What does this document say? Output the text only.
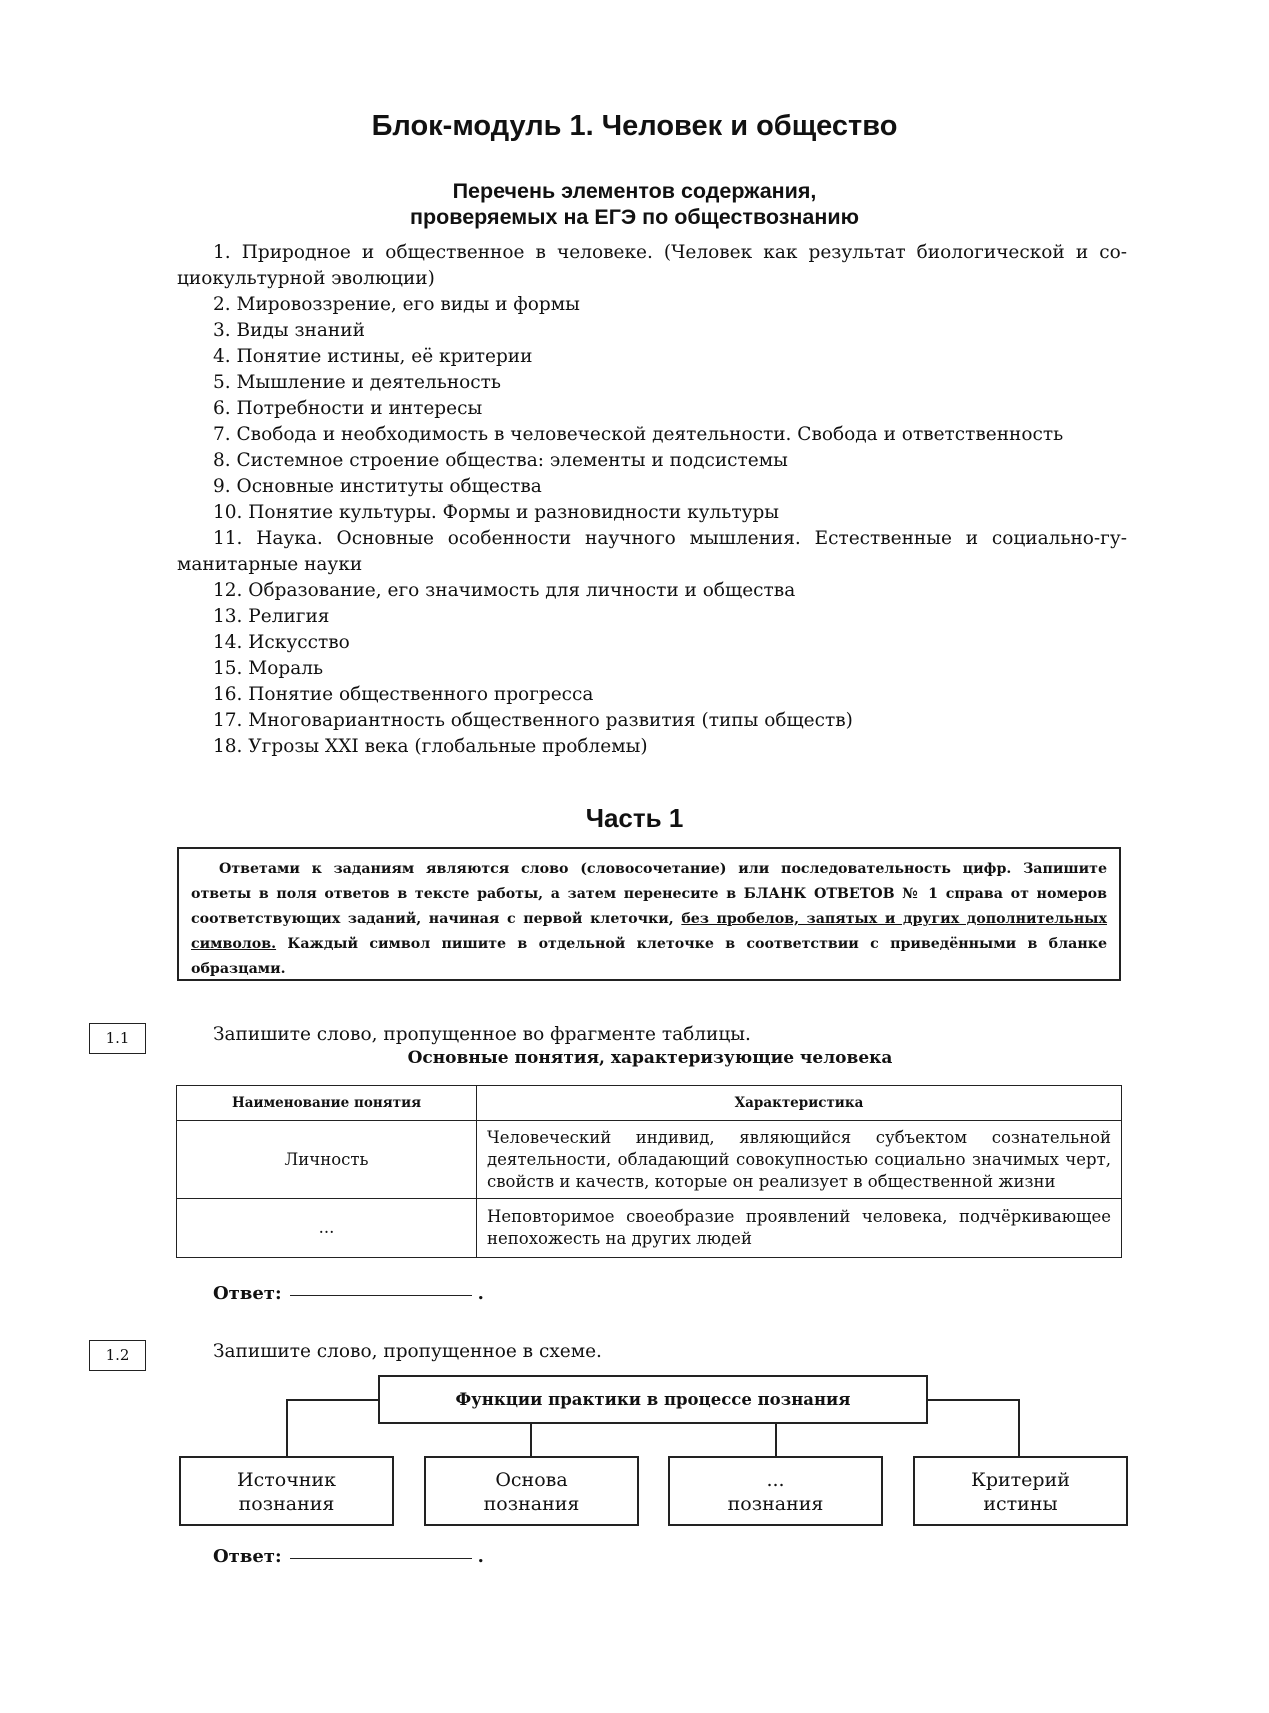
Блок-модуль 1. Человек и общество
Перечень элементов содержания,
проверяемых на ЕГЭ по обществознанию
1. Природное и общественное в человеке. (Человек как результат биологической и со-
циокультурной эволюции)
2. Мировоззрение, его виды и формы
3. Виды знаний
4. Понятие истины, её критерии
5. Мышление и деятельность
6. Потребности и интересы
7. Свобода и необходимость в человеческой деятельности. Свобода и ответственность
8. Системное строение общества: элементы и подсистемы
9. Основные институты общества
10. Понятие культуры. Формы и разновидности культуры
11. Наука. Основные особенности научного мышления. Естественные и социально-гу-
манитарные науки
12. Образование, его значимость для личности и общества
13. Религия
14. Искусство
15. Мораль
16. Понятие общественного прогресса
17. Многовариантность общественного развития (типы обществ)
18. Угрозы XXI века (глобальные проблемы)
Часть 1
Ответами к заданиям являются слово (словосочетание) или последовательность цифр. Запишите ответы в поля ответов в тексте работы, а затем перенесите в БЛАНК ОТВЕТОВ № 1 справа от номеров соответствующих заданий, начиная с первой клеточки, без пробелов, запятых и других дополнительных символов. Каждый символ пишите в отдельной клеточке в соответствии с приведёнными в бланке образцами.
1.1	Запишите слово, пропущенное во фрагменте таблицы.
Основные понятия, характеризующие человека
Наименование понятия	Характеристика
Личность	Человеческий индивид, являющийся субъектом сознательной деятельности, обладающий совокупностью социально значимых черт, свойств и качеств, которые он реализует в общественной жизни
...	Неповторимое своеобразие проявлений человека, подчёркивающее непохожесть на других людей
Ответ:	.
1.2	Запишите слово, пропущенное в схеме.
Функции практики в процессе познания
Источник
познания
Основа
познания
...
познания
Критерий
истины
Ответ:	.
